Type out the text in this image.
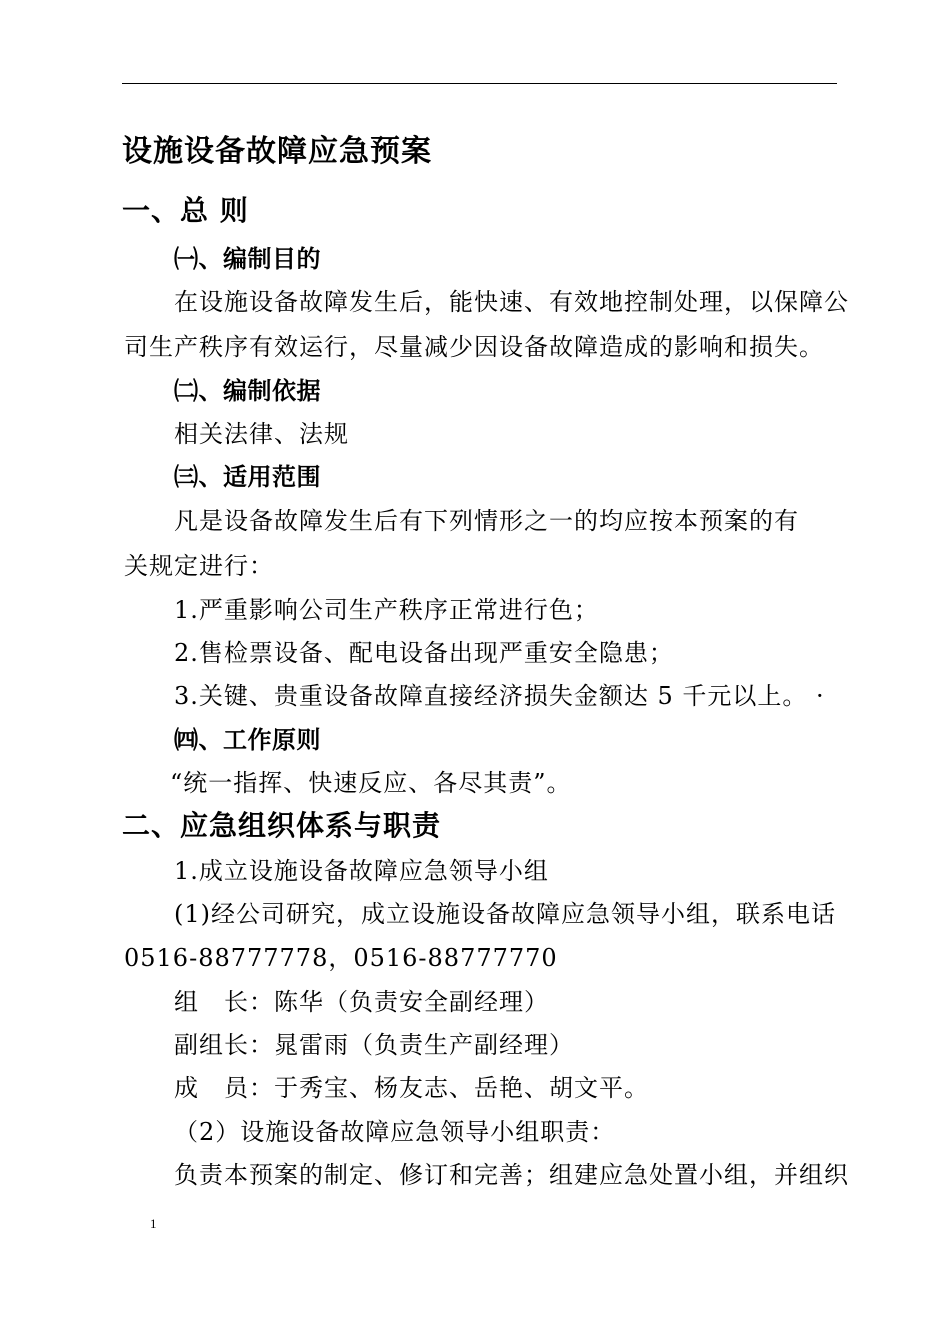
设施设备故障应急预案
一、总 则
㈠、编制目的
在设施设备故障发生后，能快速、有效地控制处理，以保障公
司生产秩序有效运行，尽量减少因设备故障造成的影响和损失。
㈡、编制依据
相关法律、法规
㈢、适用范围
凡是设备故障发生后有下列情形之一的均应按本预案的有
关规定进行：
1.严重影响公司生产秩序正常进行色；
2.售检票设备、配电设备出现严重安全隐患；
3.关键、贵重设备故障直接经济损失金额达 5 千元以上。 ·
㈣、工作原则
“统一指挥、快速反应、各尽其责”。
二、应急组织体系与职责
1.成立设施设备故障应急领导小组
(1)经公司研究，成立设施设备故障应急领导小组，联系电话
0516-88777778，0516-88777770
组　长：陈华（负责安全副经理）
副组长：晁雷雨（负责生产副经理）
成　员：于秀宝、杨友志、岳艳、胡文平。
（2）设施设备故障应急领导小组职责：
负责本预案的制定、修订和完善；组建应急处置小组，并组织
1
